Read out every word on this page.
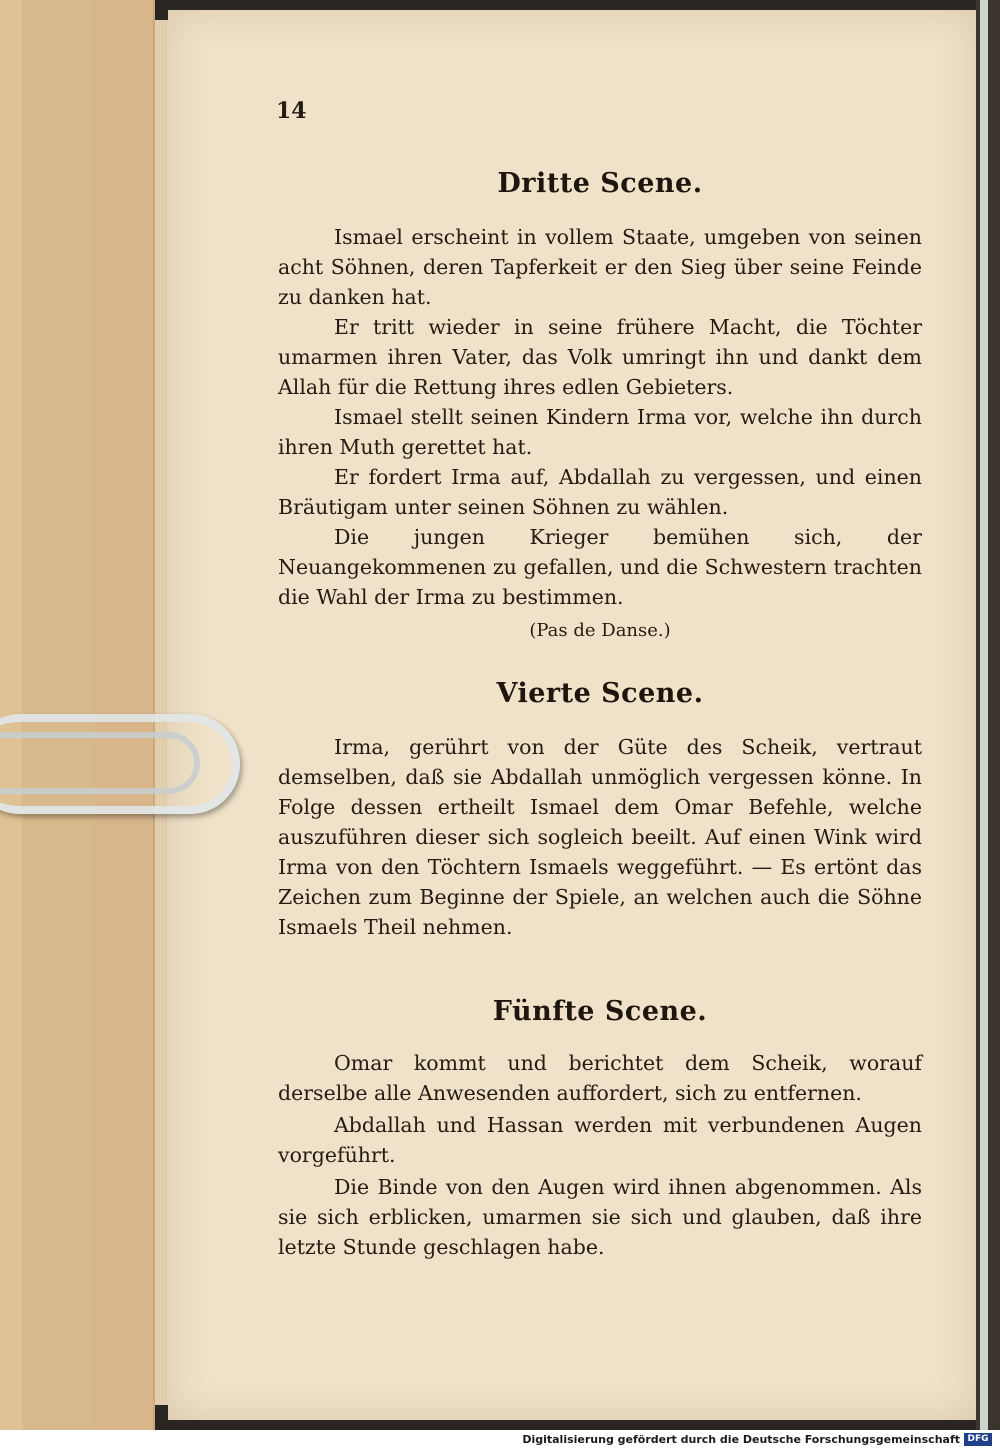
14
Dritte Scene.
Ismael erscheint in vollem Staate, umgeben von seinen acht Söhnen, deren Tapferkeit er den Sieg über seine Feinde zu danken hat.
Er tritt wieder in seine frühere Macht, die Töchter umarmen ihren Vater, das Volk umringt ihn und dankt dem Allah für die Rettung ihres edlen Gebieters.
Ismael stellt seinen Kindern Irma vor, welche ihn durch ihren Muth gerettet hat.
Er fordert Irma auf, Abdallah zu vergessen, und einen Bräutigam unter seinen Söhnen zu wählen.
Die jungen Krieger bemühen sich, der Neuangekommenen zu gefallen, und die Schwestern trachten die Wahl der Irma zu bestimmen.
(Pas de Danse.)
Vierte Scene.
Irma, gerührt von der Güte des Scheik, vertraut demselben, daß sie Abdallah unmöglich vergessen könne. In Folge dessen ertheilt Ismael dem Omar Befehle, welche auszuführen dieser sich sogleich beeilt. Auf einen Wink wird Irma von den Töchtern Ismaels weggeführt. — Es ertönt das Zeichen zum Beginne der Spiele, an welchen auch die Söhne Ismaels Theil nehmen.
Fünfte Scene.
Omar kommt und berichtet dem Scheik, worauf derselbe alle Anwesenden auffordert, sich zu entfernen.
Abdallah und Hassan werden mit verbundenen Augen vorgeführt.
Die Binde von den Augen wird ihnen abgenommen. Als sie sich erblicken, umarmen sie sich und glauben, daß ihre letzte Stunde geschlagen habe.
Digitalisierung gefördert durch die Deutsche Forschungsgemeinschaft DFG
